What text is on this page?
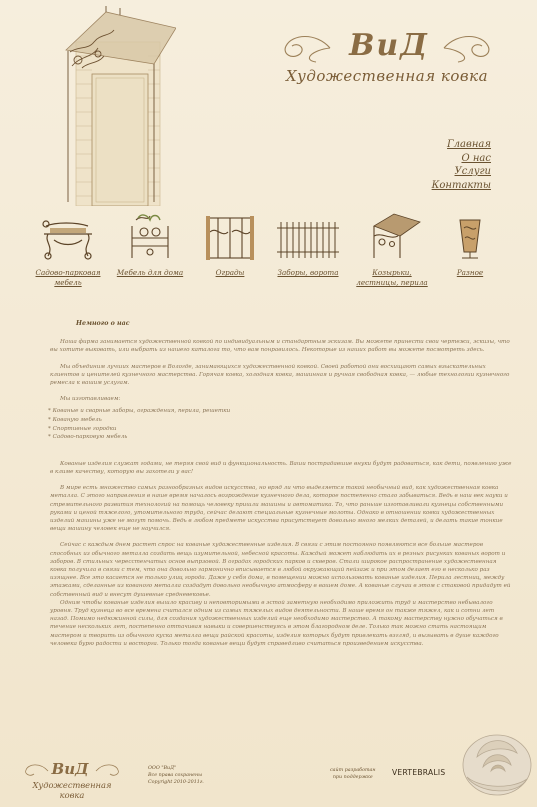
ВиД
Художественная ковка
Главная
О нас
Услуги
Контакты
Садово-парковая мебель
Мебель для дома	Ограды	Заборы, ворота	Козырьки, лестницы, перила
Разное
Немного о нас

Наша фирма занимается художественной ковкой по индивидуальным и стандартным эскизам. Вы можете принести свои чертежи, эскизы, что вы хотите выковать, или выбрать из нашего каталога то, что вам понравилось. Некоторые из наших работ вы можете посмотреть здесь.

Мы объединим лучших мастеров в Вологде, занимающихся художественной ковкой. Своей работой они восхищают самых взыскательных клиентов и ценителей кузнечного мастерства. Горячая ковка, холодная ковка, машинная и ручная свободная ковка, — любые технологии кузнечного ремесла к вашим услугам.

Мы изготавливаем:

* Кованые и сварные заборы, ограждения, перила, решетки
* Кованую мебель
* Спортивные городки
* Садово-парковую мебель

Кованые изделия служат годами, не теряя свой вид и функциональность. Ваши пострадавшие внуки будут радоваться, как дети, появлению уже в климе качеству, которую вы захотели у вас!

В мире есть множество самых разнообразных видов искусства, но вряд ли что выделяется такой необычный вид, как художественная ковка металла. С этого направления в наше время началось возрождение кузнечного дела, которое постепенно стало забываться. Ведь в наш век науки и стремительного развития технологий на помощь человеку пришли машины и автоматика. То, что раньше изготавливали кузнецы собственными руками и ценой тяжелого, утомительного труда, сейчас делают специальные кузнечные молоты. Однако в отношении ковки художественных изделий машины уже не могут помочь. Ведь в любом предмете искусства присутствует довольно много мелких деталей, и делать такие тонкие вещи машину человек еще не научился.

Сейчас с каждым днем растет спрос на кованые художественные изделия. В связи с этим постоянно появляются все больше мастеров способных из обычного металла создать вещь изумительной, небесной красоты. Каждый может наблюдать их в резных рисунках кованых ворот и заборов. В стильных чересстенчатых основ выпрзовой. В оградах городских парков и скверов. Стали широкое распространение художественная ковка получила в связи с тем, что она довольно гармонично вписывается в любой окружающий пейзаж и при этом делает его в несколько раз изящнее. Все это касается не только улиц города. Даже у себя дома, в помещении можно использовать кованые изделия. Перила лестниц, между этажами, сделанные из кованого металла создадут довольно необычную атмосферу в вашем доме. А кованые случаи в этом с стаковой придадут ей собственный вид и внесут душевные средневековье.

Одним чтобы кованые изделия вышло красиву и неповторимыми в эстой заметную необходимо приложить труд и мастерство небывалого уровня. Труд кузнеца во все времена считался одним из самых тяжелых видов деятельности. В наше время он также тяжел, как и сотни лет назад. Помимо недюжинной силы, для создания художественных изделий еще необходимо мастерство. А такому мастерству нужно обучаться в течение нескольких лет, постепенно оттачивая навыки и совершенствуясь в этом благородном деле. Только так можно стать настоящим мастером и творить из обычного куска металла вещи райской красоты, изделия которых будут привлекать взгляд, и вызывать в душе каждого человека бурю радости и восторга. Только тогда кованые вещи будут справедливо считаться произведением искусства.

ВиД
Художественная ковка
ООО "ВиД"
Все права сохранены
Copyright 2010-2011г.
сайт разработан
при поддержке
VERTEBRALIS
